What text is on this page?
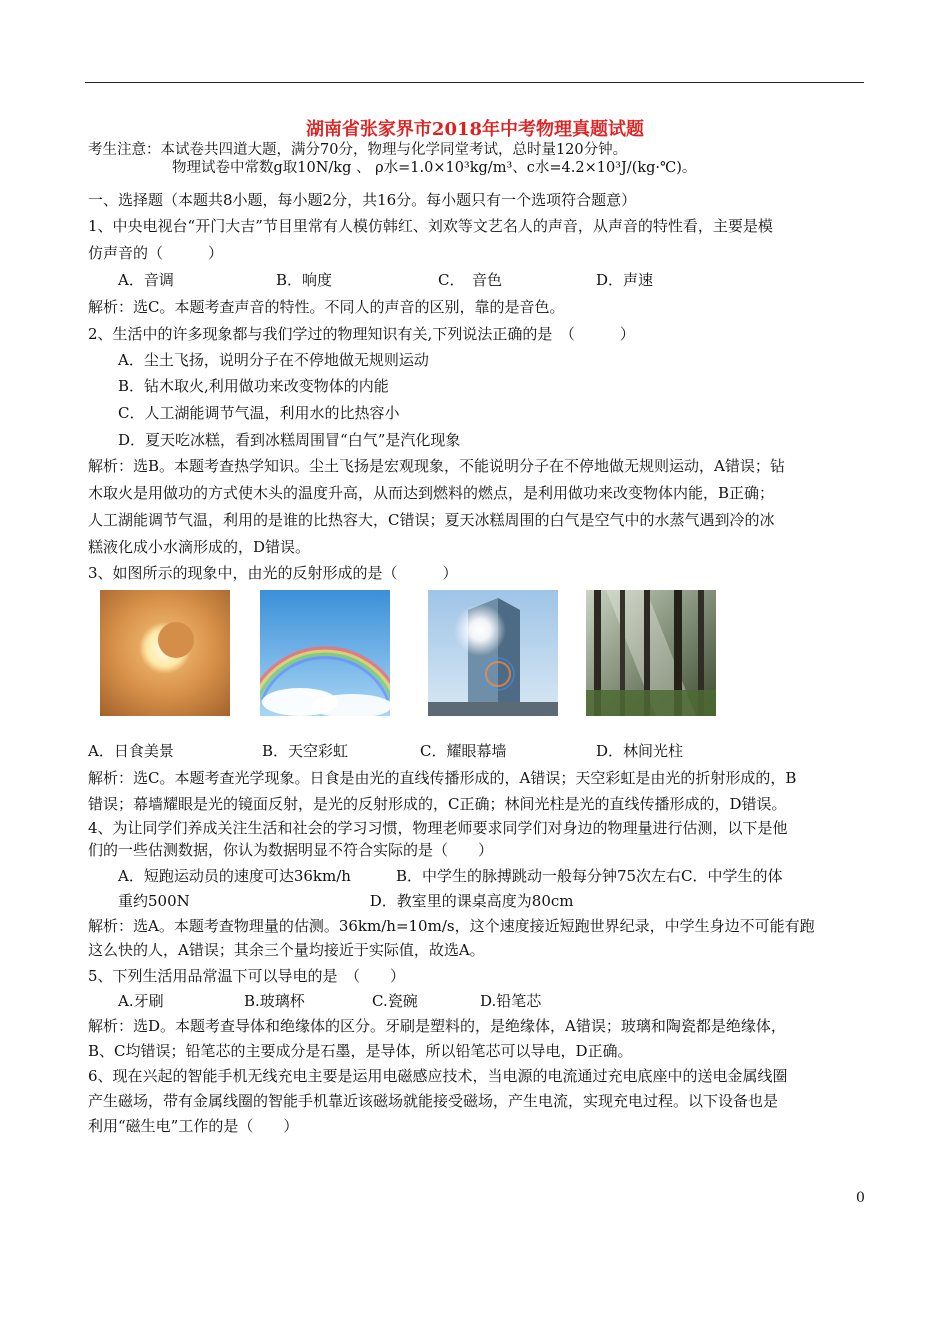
湖南省张家界市2018年中考物理真题试题
考生注意：本试卷共四道大题，满分70分，物理与化学同堂考试，总时量120分钟。
物理试卷中常数g取10N/kg 、 ρ水=1.0×10³kg/m³、c水=4.2×10³J/(kg·℃)。
一、选择题（本题共8小题，每小题2分，共16分。每小题只有一个选项符合题意）
1、中央电视台“开门大吉”节目里常有人模仿韩红、刘欢等文艺名人的声音，从声音的特性看，主要是模
仿声音的（　　　）
A．音调	B．响度	C．　音色	D．声速
解析：选C。本题考查声音的特性。不同人的声音的区别，靠的是音色。
2、生活中的许多现象都与我们学过的物理知识有关,下列说法正确的是　（　　　）
A．尘土飞扬，说明分子在不停地做无规则运动
B．钻木取火,利用做功来改变物体的内能
C．人工湖能调节气温，利用水的比热容小
D．夏天吃冰糕，看到冰糕周围冒“白气”是汽化现象
解析：选B。本题考查热学知识。尘土飞扬是宏观现象，不能说明分子在不停地做无规则运动，A错误；钻
木取火是用做功的方式使木头的温度升高，从而达到燃料的燃点，是利用做功来改变物体内能，B正确；
人工湖能调节气温，利用的是谁的比热容大，C错误；夏天冰糕周围的白气是空气中的水蒸气遇到冷的冰
糕液化成小水滴形成的，D错误。
3、如图所示的现象中，由光的反射形成的是（　　　）
A．日食美景	B．天空彩虹	C．耀眼幕墙	D．林间光柱
解析：选C。本题考查光学现象。日食是由光的直线传播形成的，A错误；天空彩虹是由光的折射形成的，B
错误；幕墙耀眼是光的镜面反射，是光的反射形成的，C正确；林间光柱是光的直线传播形成的，D错误。
4、为让同学们养成关注生活和社会的学习习惯，物理老师要求同学们对身边的物理量进行估测，以下是他
们的一些估测数据，你认为数据明显不符合实际的是（　　）
A．短跑运动员的速度可达36km/h　　　B．中学生的脉搏跳动一般每分钟75次左右C．中学生的体
重约500N　　　　　　　　　　　　D．教室里的课桌高度为80cm
解析：选A。本题考查物理量的估测。36km/h=10m/s，这个速度接近短跑世界纪录，中学生身边不可能有跑
这么快的人，A错误；其余三个量均接近于实际值，故选A。
5、下列生活用品常温下可以导电的是　（　　）
A.牙刷	B.玻璃杯	C.瓷碗	D.铅笔芯
解析：选D。本题考查导体和绝缘体的区分。牙刷是塑料的，是绝缘体，A错误；玻璃和陶瓷都是绝缘体，
B、C均错误；铅笔芯的主要成分是石墨，是导体，所以铅笔芯可以导电，D正确。
6、现在兴起的智能手机无线充电主要是运用电磁感应技术，当电源的电流通过充电底座中的送电金属线圈
产生磁场，带有金属线圈的智能手机靠近该磁场就能接受磁场，产生电流，实现充电过程。以下设备也是
利用“磁生电”工作的是（　　）
0
